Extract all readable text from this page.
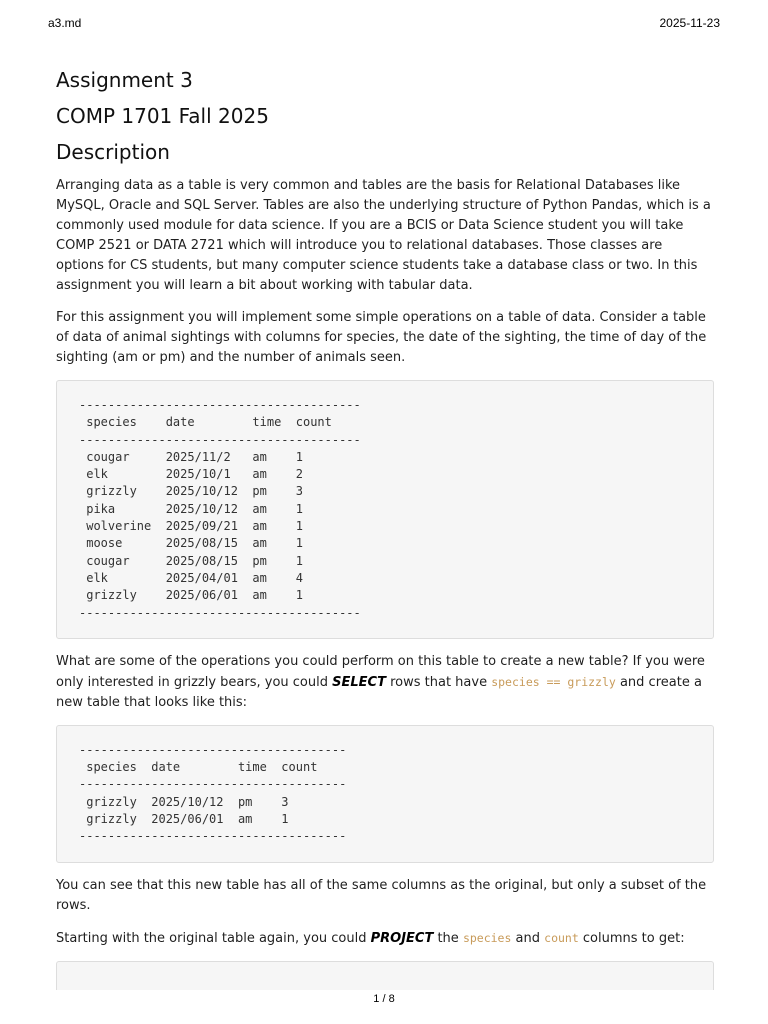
a3.md	2025-11-23
Assignment 3
COMP 1701 Fall 2025
Description

Arranging data as a table is very common and tables are the basis for Relational Databases like MySQL, Oracle and SQL Server. Tables are also the underlying structure of Python Pandas, which is a commonly used module for data science. If you are a BCIS or Data Science student you will take COMP 2521 or DATA 2721 which will introduce you to relational databases. Those classes are options for CS students, but many computer science students take a database class or two. In this assignment you will learn a bit about working with tabular data.

For this assignment you will implement some simple operations on a table of data. Consider a table of data of animal sightings with columns for species, the date of the sighting, the time of day of the sighting (am or pm) and the number of animals seen.

---------------------------------------
species    date        time  count
---------------------------------------
cougar     2025/11/2   am    1
elk        2025/10/1   am    2
grizzly    2025/10/12  pm    3
pika       2025/10/12  am    1
wolverine  2025/09/21  am    1
moose      2025/08/15  am    1
cougar     2025/08/15  pm    1
elk        2025/04/01  am    4
grizzly    2025/06/01  am    1
---------------------------------------

What are some of the operations you could perform on this table to create a new table? If you were only interested in grizzly bears, you could SELECT rows that have species == grizzly and create a new table that looks like this:

-------------------------------------
species  date        time  count
-------------------------------------
grizzly  2025/10/12  pm    3
grizzly  2025/06/01  am    1
-------------------------------------

You can see that this new table has all of the same columns as the original, but only a subset of the rows.

Starting with the original table again, you could PROJECT the species and count columns to get:

1 / 8
